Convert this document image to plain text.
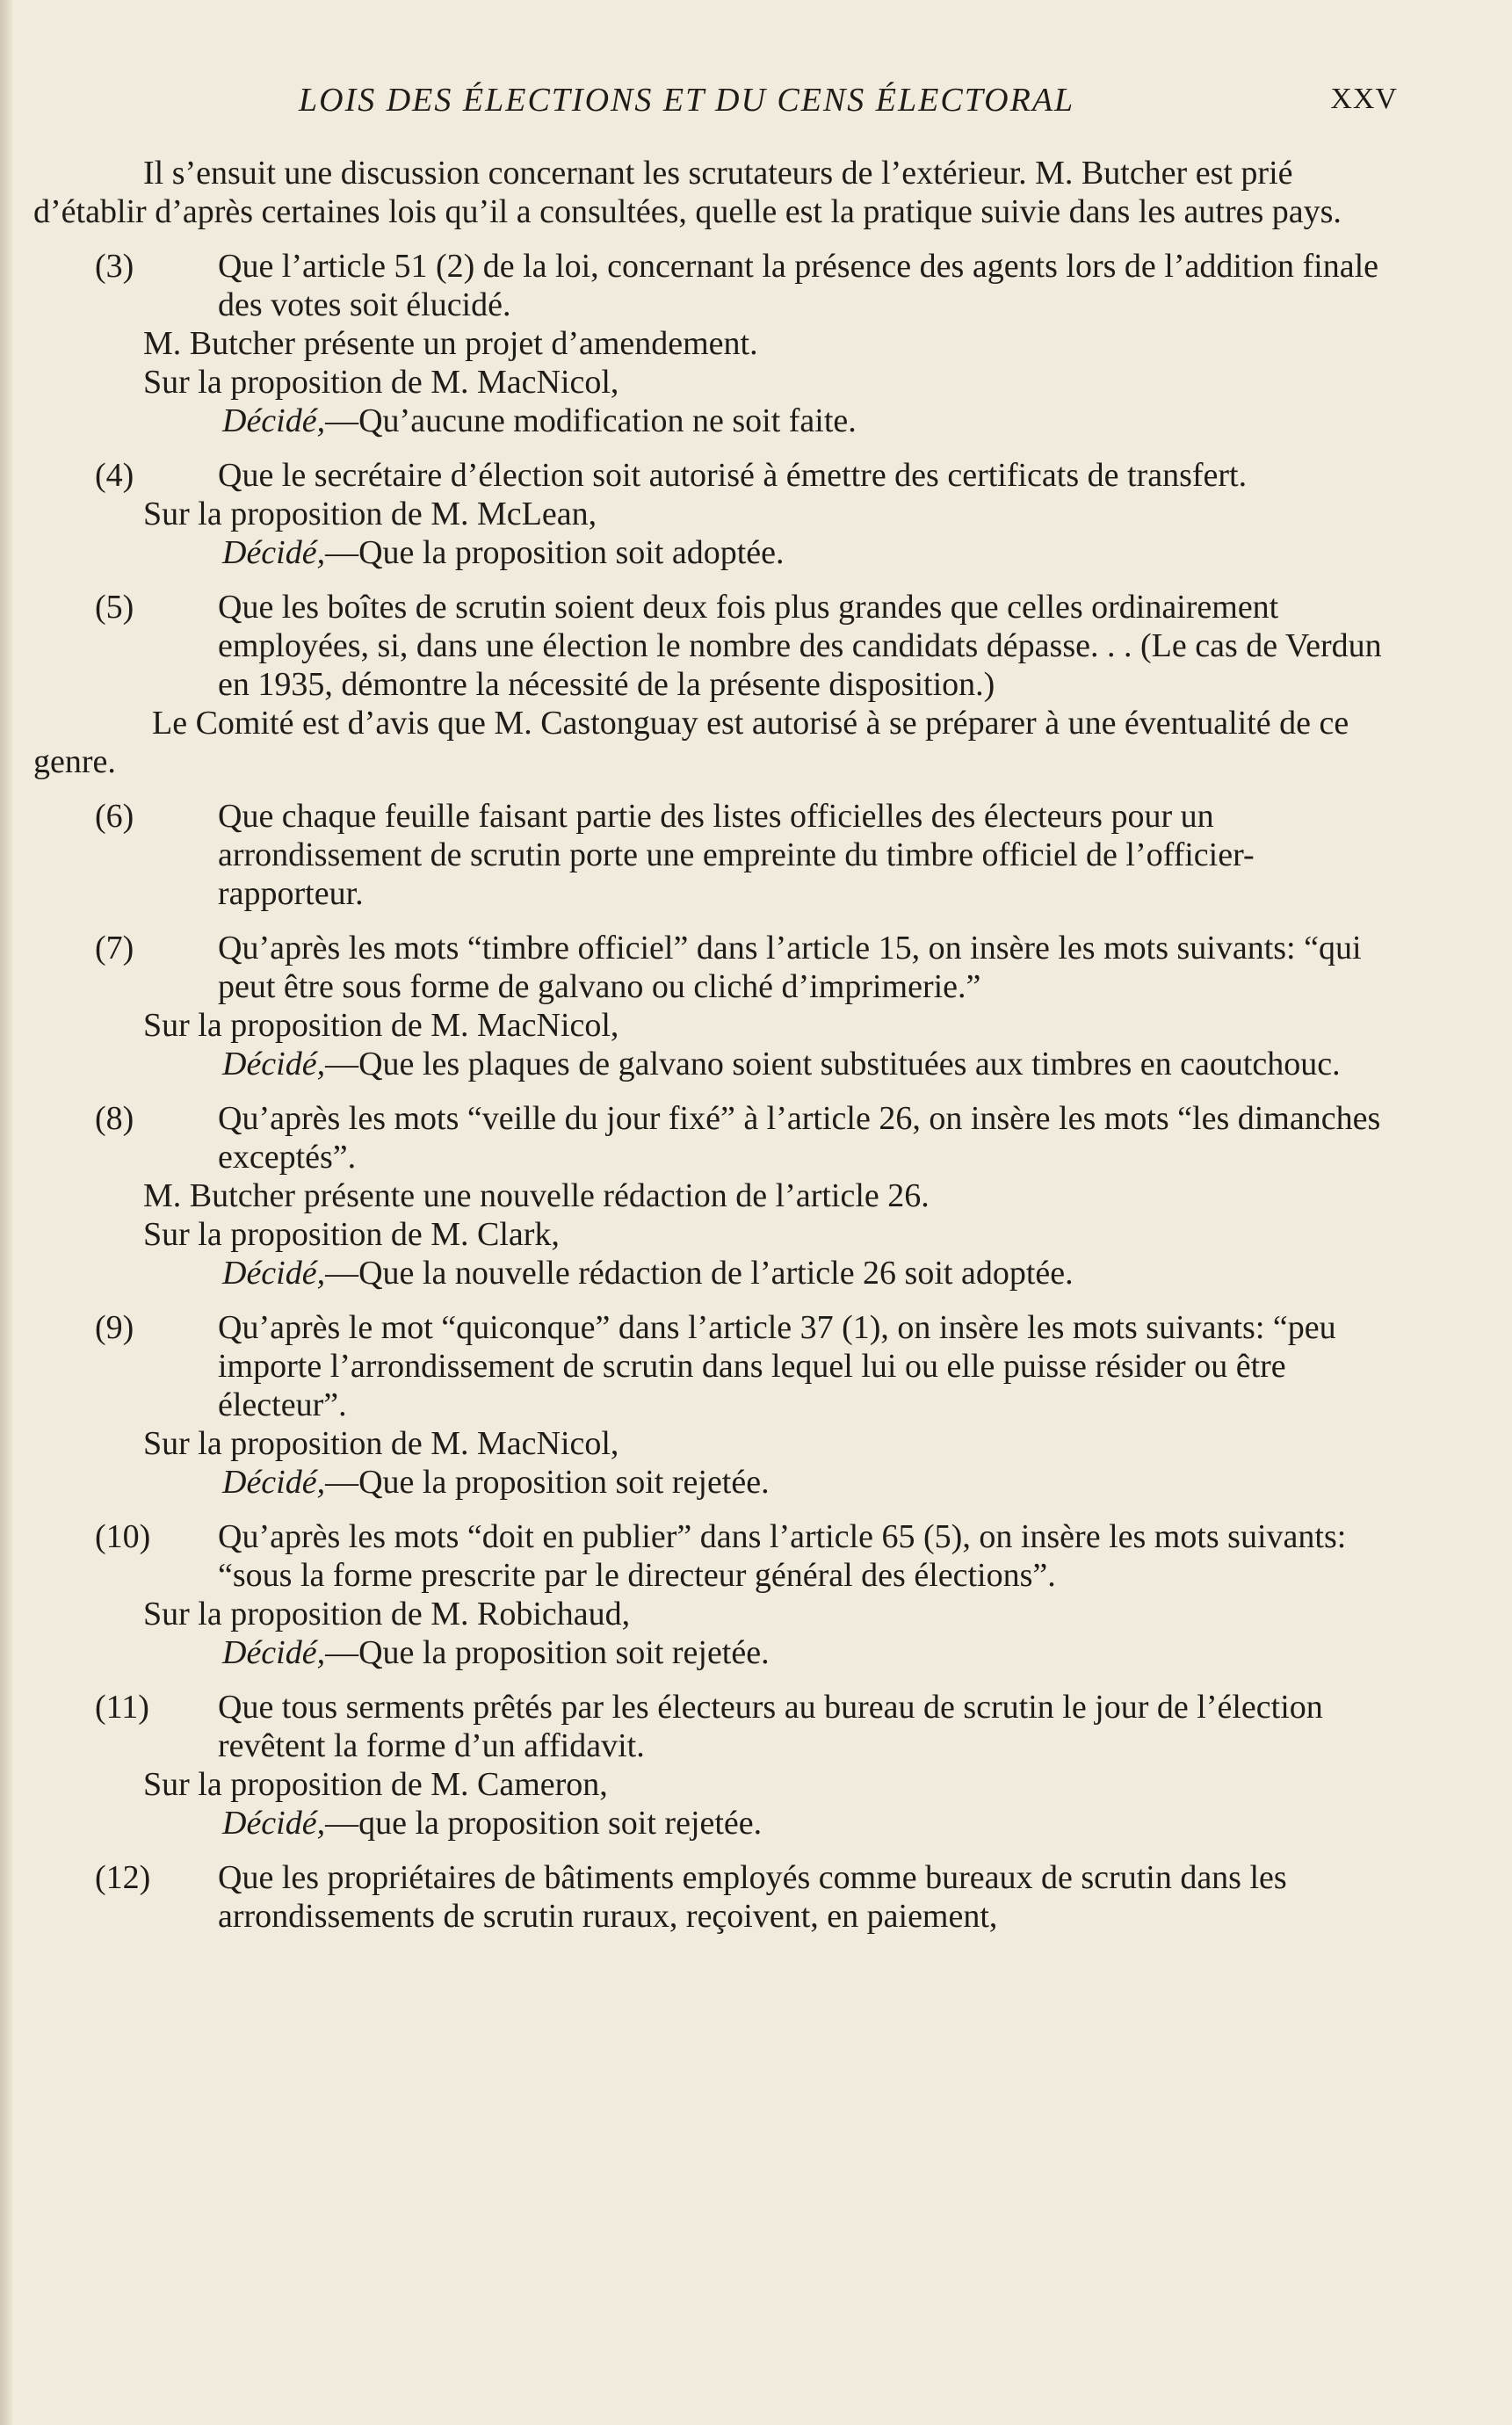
LOIS DES ÉLECTIONS ET DU CENS ÉLECTORAL	XXV

Il s’ensuit une discussion concernant les scrutateurs de l’extérieur. M. Butcher est prié d’établir d’après certaines lois qu’il a consultées, quelle est la pratique suivie dans les autres pays.

(3)	Que l’article 51 (2) de la loi, concernant la présence des agents lors de l’addition finale des votes soit élucidé.

M. Butcher présente un projet d’amendement.

Sur la proposition de M. MacNicol,

Décidé,—Qu’aucune modification ne soit faite.

(4)	Que le secrétaire d’élection soit autorisé à émettre des certificats de transfert.

Sur la proposition de M. McLean,

Décidé,—Que la proposition soit adoptée.

(5)	Que les boîtes de scrutin soient deux fois plus grandes que celles ordinairement employées, si, dans une élection le nombre des candidats dépasse. . . (Le cas de Verdun en 1935, démontre la nécessité de la présente disposition.)

Le Comité est d’avis que M. Castonguay est autorisé à se préparer à une éventualité de ce genre.

(6)	Que chaque feuille faisant partie des listes officielles des électeurs pour un arrondissement de scrutin porte une empreinte du timbre officiel de l’officier-rapporteur.

(7)	Qu’après les mots “timbre officiel” dans l’article 15, on insère les mots suivants: “qui peut être sous forme de galvano ou cliché d’imprimerie.”

Sur la proposition de M. MacNicol,

Décidé,—Que les plaques de galvano soient substituées aux timbres en caoutchouc.

(8)	Qu’après les mots “veille du jour fixé” à l’article 26, on insère les mots “les dimanches exceptés”.

M. Butcher présente une nouvelle rédaction de l’article 26.

Sur la proposition de M. Clark,

Décidé,—Que la nouvelle rédaction de l’article 26 soit adoptée.

(9)	Qu’après le mot “quiconque” dans l’article 37 (1), on insère les mots suivants: “peu importe l’arrondissement de scrutin dans lequel lui ou elle puisse résider ou être électeur”.

Sur la proposition de M. MacNicol,

Décidé,—Que la proposition soit rejetée.

(10)	Qu’après les mots “doit en publier” dans l’article 65 (5), on insère les mots suivants: “sous la forme prescrite par le directeur général des élections”.

Sur la proposition de M. Robichaud,

Décidé,—Que la proposition soit rejetée.

(11)	Que tous serments prêtés par les électeurs au bureau de scrutin le jour de l’élection revêtent la forme d’un affidavit.

Sur la proposition de M. Cameron,

Décidé,—que la proposition soit rejetée.

(12)	Que les propriétaires de bâtiments employés comme bureaux de scrutin dans les arrondissements de scrutin ruraux, reçoivent, en paiement,
